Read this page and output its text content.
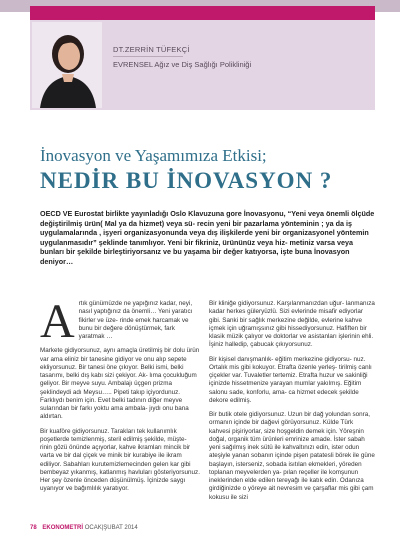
DT.ZERRİN TÜFEKÇİ
EVRENSEL Ağız ve Diş Sağlığı Polikliniği
İnovasyon ve Yaşamımıza Etkisi;
NEDİR BU İNOVASYON ?
OECD VE Eurostat birlikte yayınladığı Oslo Klavuzuna gore İnovasyonu, “Yeni veya önemli ölçüde değiştirilmiş ürün( Mal ya da hizmet) veya sü- recin yeni bir pazarlama yönteminin ; ya da iş uygulamalarında , işyeri organizasyonunda veya dış ilişkilerde yeni bir organizasyonel yöntemin uygulanmasıdır” şeklinde tanımlıyor. Yeni bir fikriniz, ürününüz veya hiz- metiniz varsa veya bunları bir şekilde birleştiriyorsanız ve bu yaşama bir değer katıyorsa, işte buna İnovasyon deniyor…

Artık günümüzde ne yapığınız kadar, neyi, nasıl yaptığınız da önemli… Yeni yaratıcı fikirler ve üze- rinde emek harcamak ve bunu bir değere dönüştürmek, fark yaratmak …

Markete gidiyorsunuz, aynı amaçla üretilmiş bir dolu ürün var ama eliniz bir tanesine gidiyor ve onu alıp sepete ekliyorsunuz. Bir tanesi öne çıkıyor. Belki ismi, belki tasarımı, belki dış kabı sizi çekiyor. Ak- lıma çocukluğum geliyor. Bir meyve suyu. Ambalajı üçgen prizma şeklindeydi adı Meysu….. Pipeti takıp içiyordunuz. Farklıydı benim için. Evet belki tadının diğer meyve sularından bir farkı yoktu ama ambala- jıydı onu bana aldırtan.

Bir kuaföre gidiyorsunuz. Tarakları tek kullanımlık poşetlerde temizlenmiş, steril edilmiş şekilde, müşte- rinin gözü önünde açıyorlar, kahve ikramları mincik bir varta ve bir dal çiçek ve minik bir kurabiye ile ikram ediliyor. Sabahları kurutemizlemecinden gelen kar gibi bembeyaz yıkanmış, katlanmış havluları gösteriyorsunuz. Her şey özenle önceden düşünülmüş. İçinizde saygı uyanıyor ve bağımlılık yaratıyor.

Bir kliniğe gidiyorsunuz. Karşılanmanızdan uğur- lanmanıza kadar herkes güleryüzlü. Sizi evlerinde misafir ediyorlar gibi. Sanki bir sağlık merkezine değilde, evlerine kahve içmek için uğramışsınız gibi hissediyorsunuz. Hafiften bir klasik müzik çalıyor ve doktorlar ve asistanları işlerinin ehli. İşiniz halledip, çabucak çıkıyorsunuz.

Bir kişisel danışmanlık- eğitim merkezine gidiyorsu- nuz. Ortalık mis gibi kokuyor. Etrafta özenle yerleş- tirilmiş canlı çiçekler var. Tuvaletler tertemiz. Etrafta huzur ve sakinliği içinizde hissetmenize yarayan mumlar yakılmış. Eğitim salonu sade, konforlu, ama- ca hizmet edecek şekilde dekore edilmiş.

Bir butik otele gidiyorsunuz. Uzun bir dağ yolundan sonra, ormanın içinde bir dağevi görüyorsunuz. Külde Türk kahvesi pişiriyorlar, size hoşgeldin demek için. Yöreşnin doğal, organik tüm ürünleri emrinize amade. İster sabah yeni sağılmış inek sütü ile kahvaltınızı edin, ister odun ateşiyle yanan sobanın içinde pişen patatesli börek ile güne başlayın, isterseniz, sobada isıtılan ekmekleri, yöreden toplanan meyvelerden ya- pılan reçeller ile komşunun ineklerinden elde edilen tereyağı ile katık edin. Odanıza girdiğinizde o yöreye ait nevresim ve çarşaflar mis gibi çam kokusu ile sizi

78 EKONOMETRİ OCAK|ŞUBAT 2014
